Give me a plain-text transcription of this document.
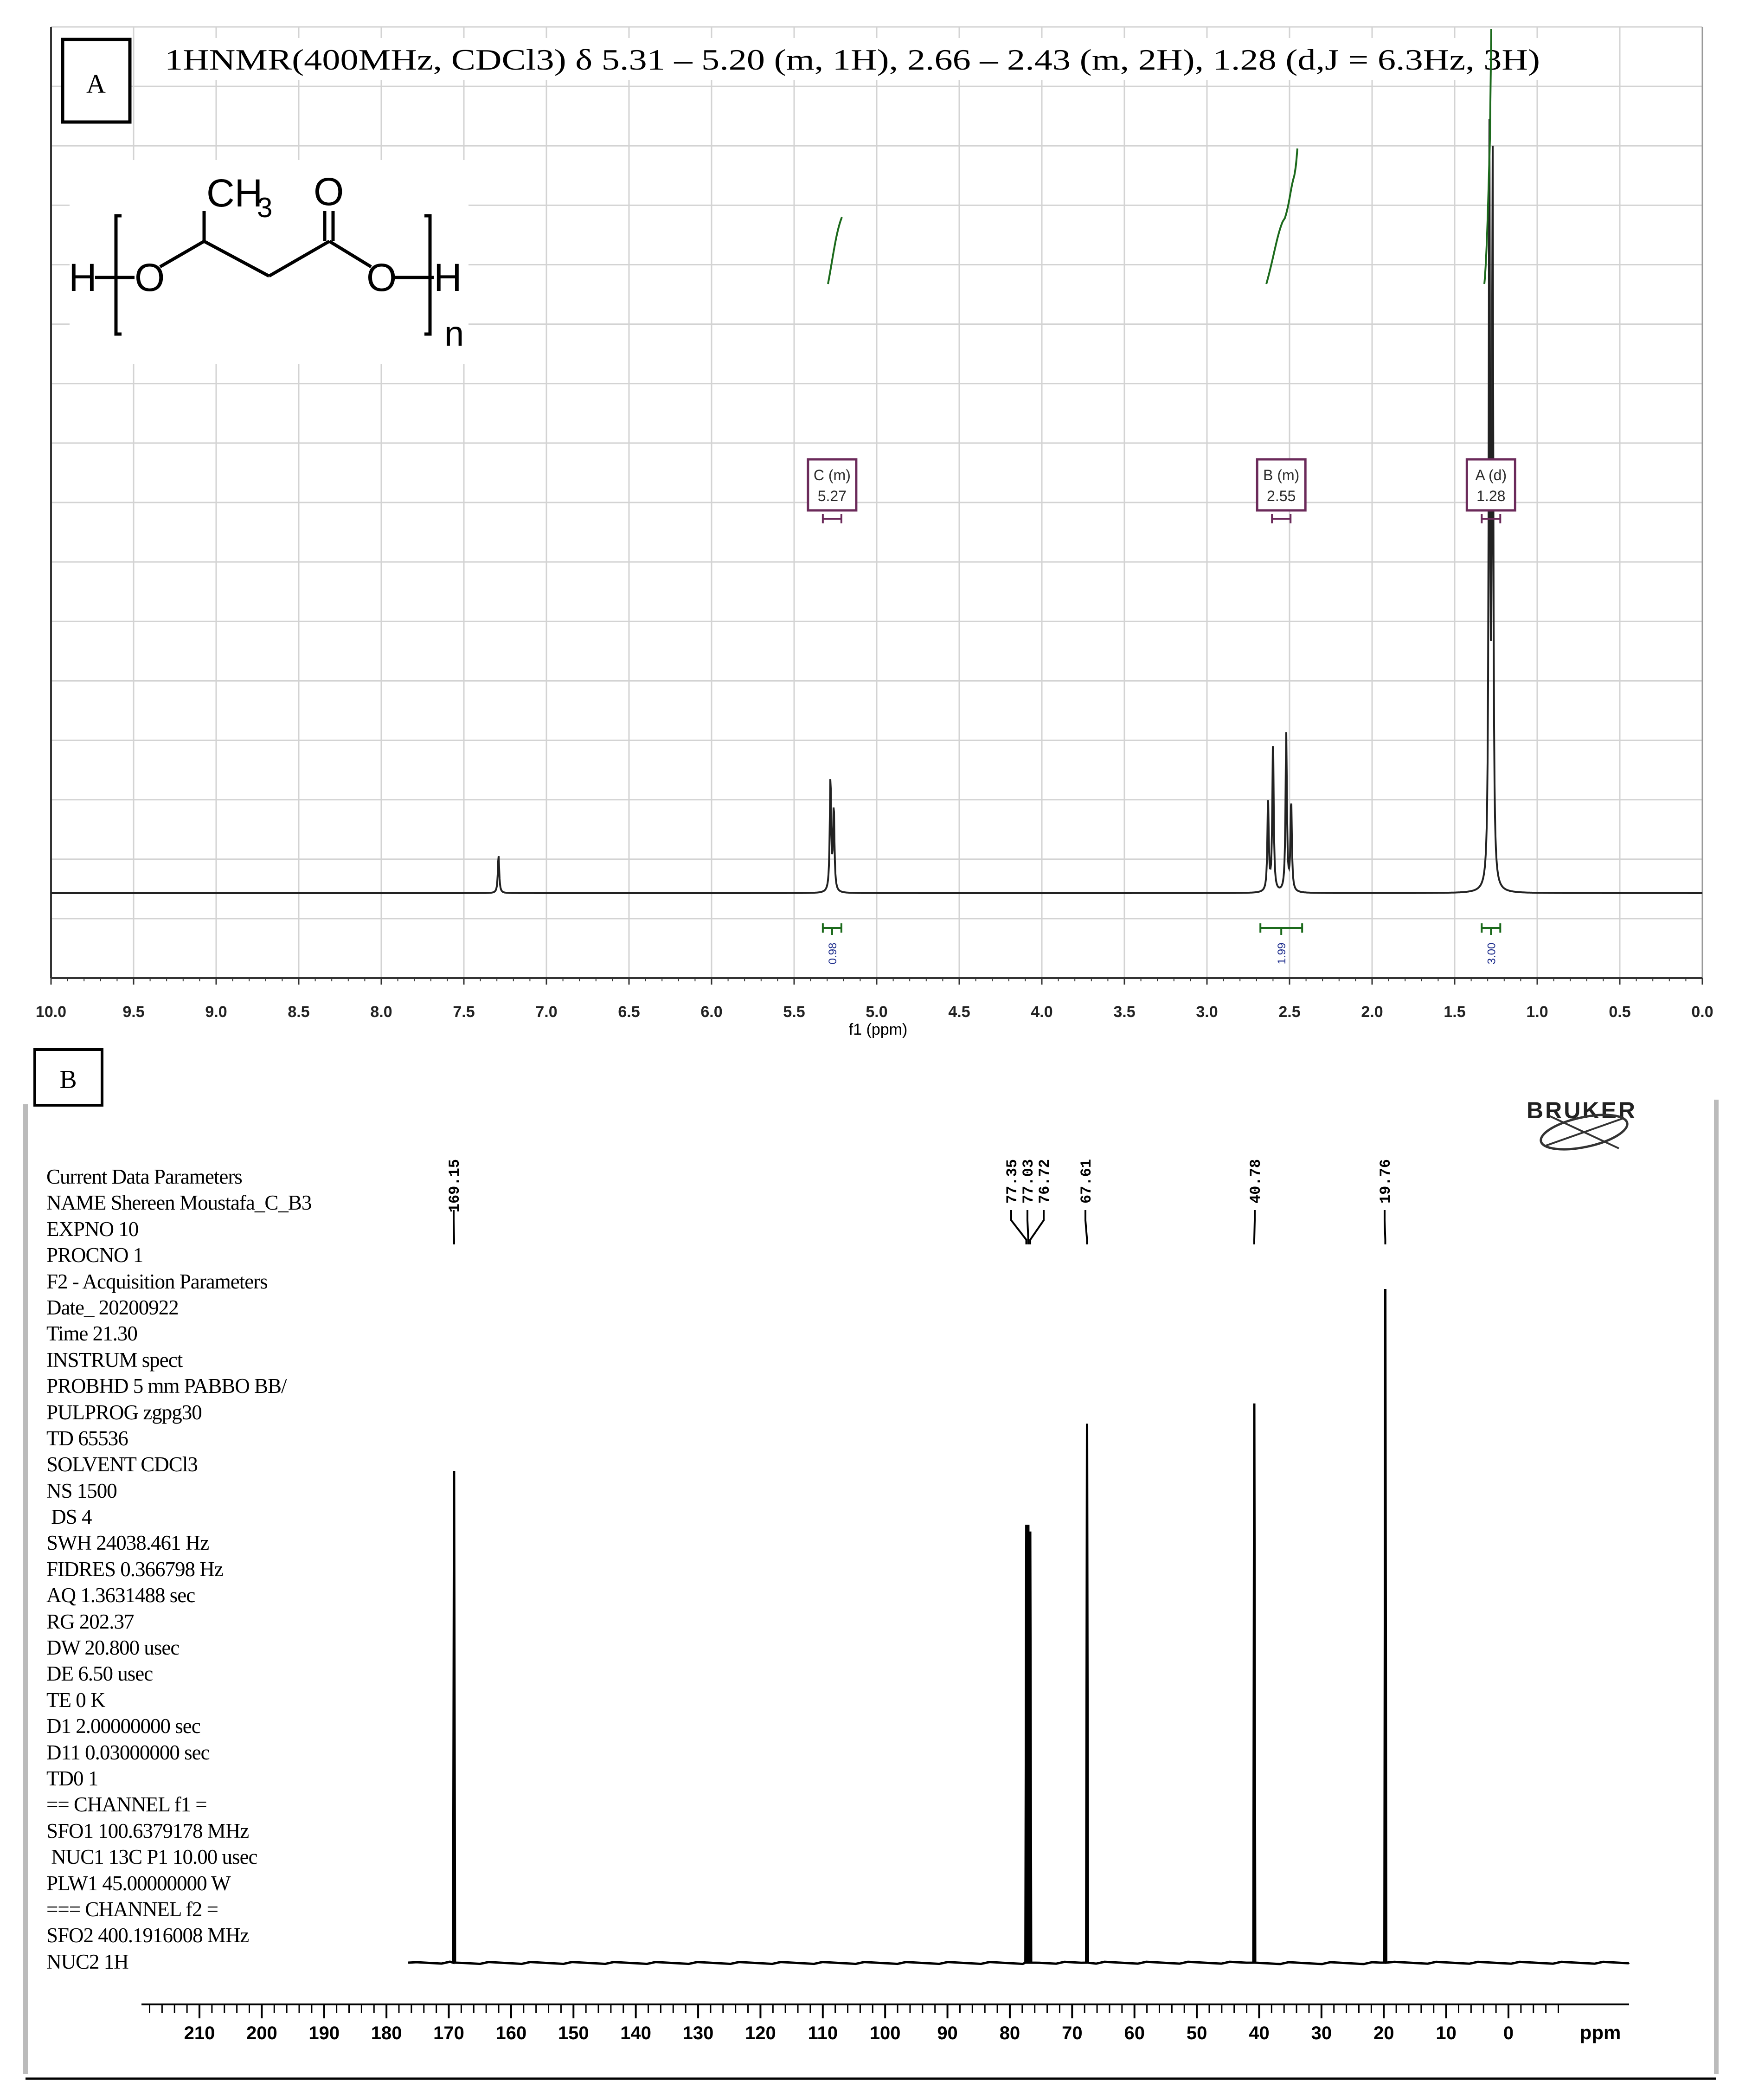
A
1HNMR(400MHz, CDCl3) δ 5.31 – 5.20 (m, 1H), 2.66 – 2.43 (m, 2H), 1.28 (d,J = 6.3Hz, 3H)
CH
3 O
H O	O H
n
C (m)
5.27
0.98
B (m)
2.55
1.99
A (d)
1.28
3.00
10.0	9.5	9.0	8.5	8.0	7.5	7.0	6.5	6.0	5.5	5.0	4.5	4.0	3.5	3.0	2.5	2.0	1.5	1.0	0.5	0.0
f1 (ppm)
B
BRUKER
169.15	77.35
77.03
76.72 67.61	40.78	19.76
210 200 190 180 170 160 150 140 130 120 110 100 90 80 70 60 50 40 30 20 10	0	ppm
Current Data Parameters
NAME Shereen Moustafa_C_B3
EXPNO 10
PROCNO 1
F2 - Acquisition Parameters
Date_ 20200922
Time 21.30
INSTRUM spect
PROBHD 5 mm PABBO BB/
PULPROG zgpg30
TD 65536
SOLVENT CDCl3
NS 1500
DS 4
SWH 24038.461 Hz
FIDRES 0.366798 Hz
AQ 1.3631488 sec
RG 202.37
DW 20.800 usec
DE 6.50 usec
TE 0 K
D1 2.00000000 sec
D11 0.03000000 sec
TD0 1
== CHANNEL f1 =
SFO1 100.6379178 MHz
NUC1 13C P1 10.00 usec
PLW1 45.00000000 W
=== CHANNEL f2 =
SFO2 400.1916008 MHz
NUC2 1H
